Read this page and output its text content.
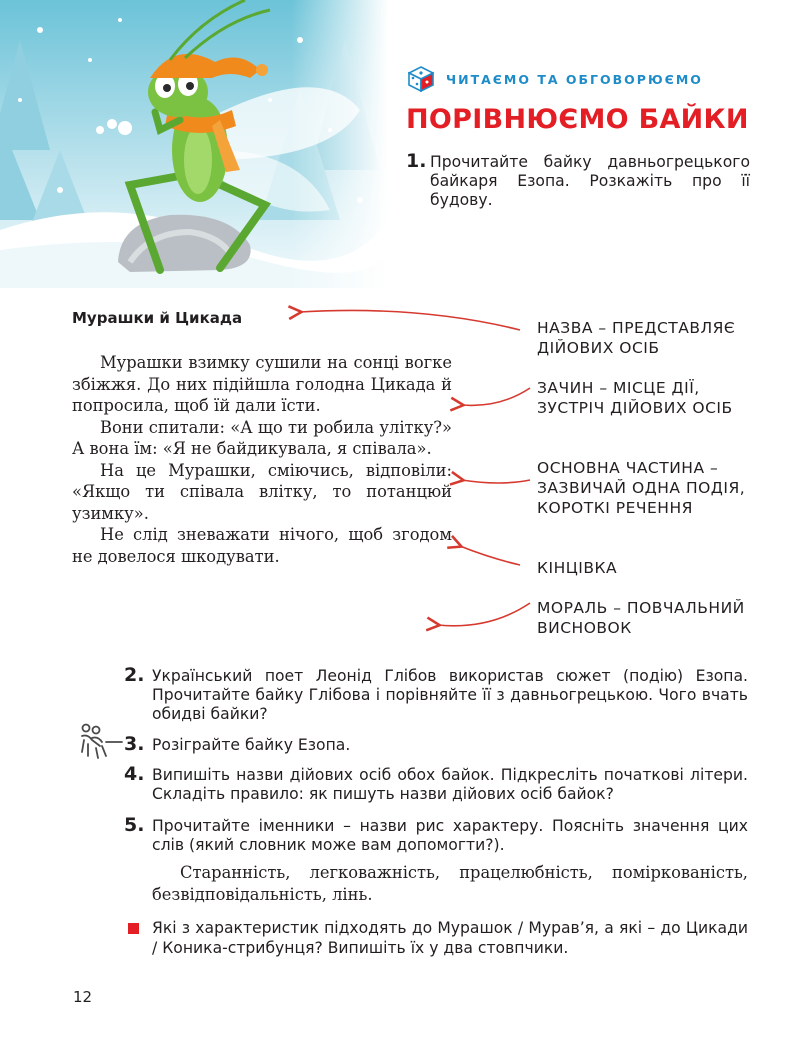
ЧИТАЄМО ТА ОБГОВОРЮЄМО
ПОРІВНЮЄМО БАЙКИ
1. Прочитайте байку давньогрецького байкаря Езопа. Розкажіть про її будову.
Мурашки й Цикада

Мурашки взимку сушили на сонці вогке збіжжя. До них підійшла голодна Цикада й попросила, щоб їй дали їсти.

Вони спитали: «А що ти робила улітку?» А вона їм: «Я не байдикувала, я співала».

На це Мурашки, сміючись, відповіли: «Якщо ти співала влітку, то потанцюй узимку».

Не слід зневажати нічого, щоб згодом не довелося шкодувати.

НАЗВА – ПРЕДСТАВЛЯЄ ДІЙОВИХ ОСІБ
ЗАЧИН – МІСЦЕ ДІЇ, ЗУСТРІЧ ДІЙОВИХ ОСІБ
ОСНОВНА ЧАСТИНА – ЗАЗВИЧАЙ ОДНА ПОДІЯ, КОРОТКІ РЕЧЕННЯ
КІНЦІВКА
МОРАЛЬ – ПОВЧАЛЬНИЙ ВИСНОВОК
2. Український поет Леонід Глібов використав сюжет (подію) Езопа. Прочитайте байку Глібова і порівняйте її з давньогрецькою. Чого вчать обидві байки?
3. Розіграйте байку Езопа.
4. Випишіть назви дійових осіб обох байок. Підкресліть початкові літери. Складіть правило: як пишуть назви дійових осіб байок?
5. Прочитайте іменники – назви рис характеру. Поясніть значення цих слів (який словник може вам допомогти?).
Старанність, легковажність, працелюбність, поміркованість, безвідповідальність, лінь.
Які з характеристик підходять до Мурашок / Мурав’я, а які – до Цикади / Коника-стрибунця? Випишіть їх у два стовпчики.
12
